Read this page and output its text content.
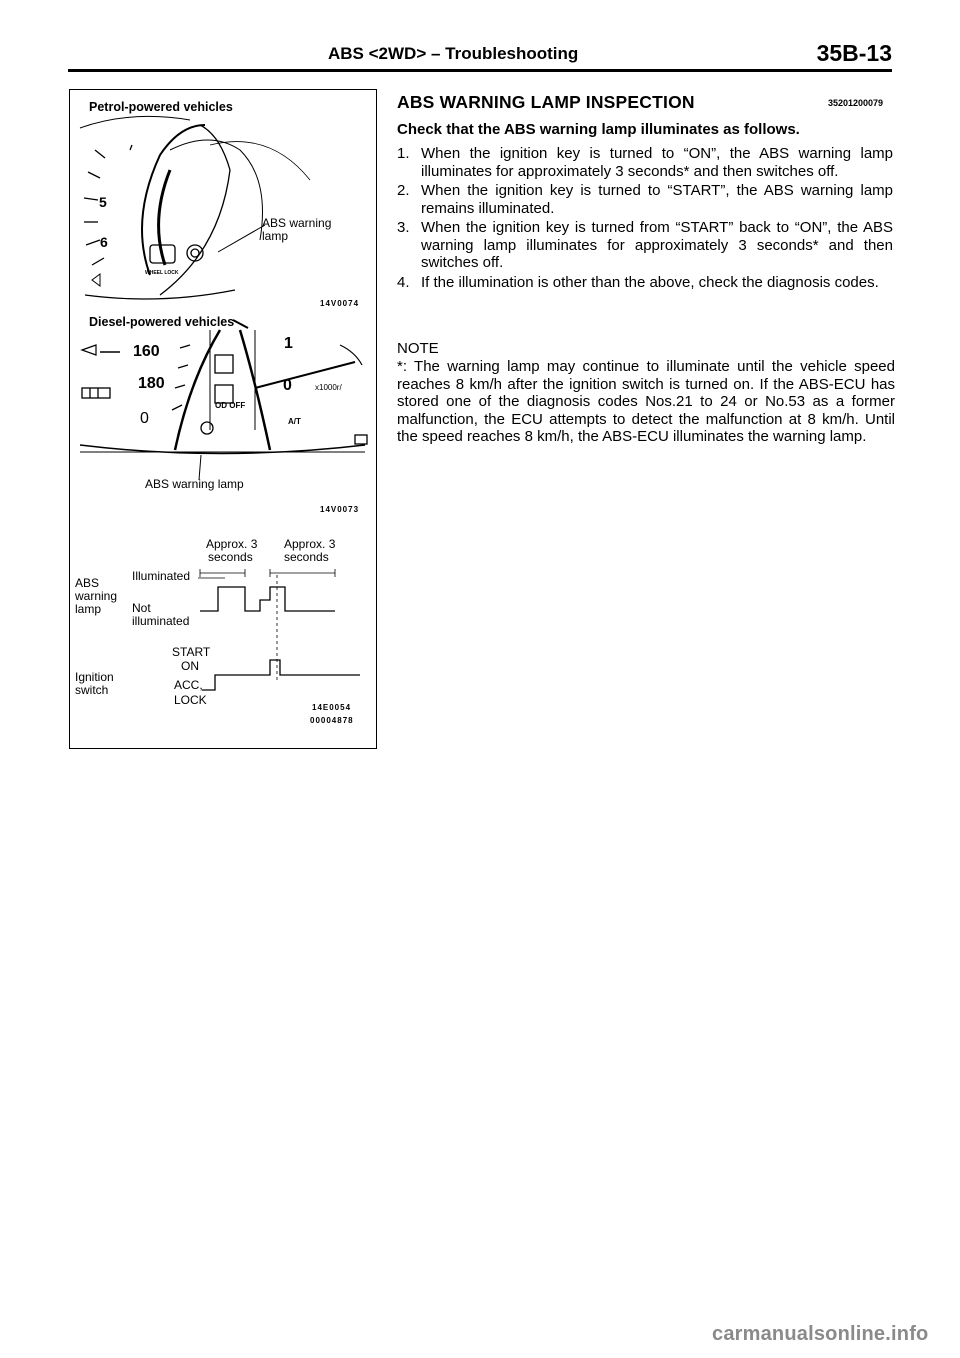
ABS <2WD> – Troubleshooting	35B-13
5
6
WHEEL LOCK
160
180
0
1
0	x1000r/
OD OFF
A/T
Petrol-powered vehicles
ABS warning
lamp
14V0074
Diesel-powered vehicles
ABS warning lamp
14V0073
Approx. 3
seconds
Approx. 3
seconds
ABS
warning
lamp
Illuminated
Not
illuminated
START
ON
ACC,
LOCK
Ignition
switch
14E0054
00004878
ABS WARNING LAMP INSPECTION	35201200079
Check that the ABS warning lamp illuminates as follows.
1. When the ignition key is turned to “ON”, the ABS warning lamp illuminates for approximately 3 seconds* and then switches off.
2. When the ignition key is turned to “START”, the ABS warning lamp remains illuminated.
3. When the ignition key is turned from “START” back to “ON”, the ABS warning lamp illuminates for approximately 3 seconds* and then switches off.
4. If the illumination is other than the above, check the diagnosis codes.
NOTE
*: The warning lamp may continue to illuminate until the vehicle speed reaches 8 km/h after the ignition switch is turned on. If the ABS-ECU has stored one of the diagnosis codes Nos.21 to 24 or No.53 as a former malfunction, the ECU attempts to detect the malfunction at 8 km/h. Until the speed reaches 8 km/h, the ABS-ECU illuminates the warning lamp.
carmanualsonline.info
